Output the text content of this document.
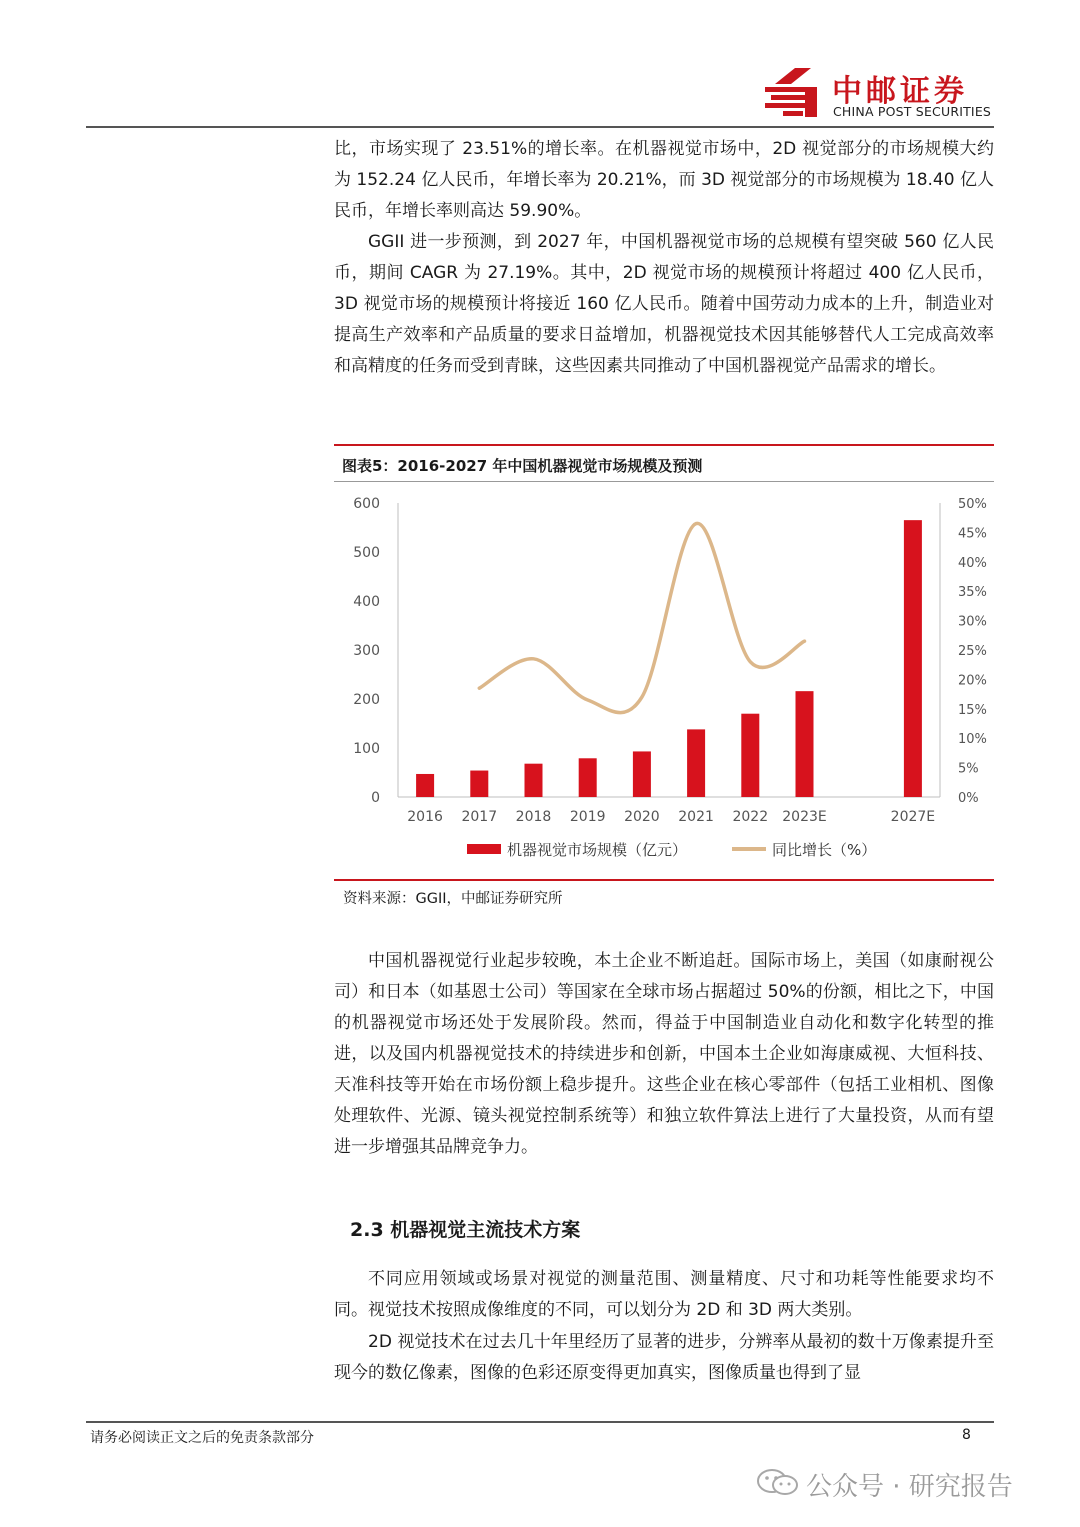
中邮证券
CHINA POST SECURITIES
比，市场实现了 23.51%的增长率。在机器视觉市场中，2D 视觉部分的市场规模大约为 152.24 亿人民币，年增长率为 20.21%，而 3D 视觉部分的市场规模为 18.40 亿人民币，年增长率则高达 59.90%。
GGII 进一步预测，到 2027 年，中国机器视觉市场的总规模有望突破 560 亿人民币，期间 CAGR 为 27.19%。其中，2D 视觉市场的规模预计将超过 400 亿人民币，3D 视觉市场的规模预计将接近 160 亿人民币。随着中国劳动力成本的上升，制造业对提高生产效率和产品质量的要求日益增加，机器视觉技术因其能够替代人工完成高效率和高精度的任务而受到青睐，这些因素共同推动了中国机器视觉产品需求的增长。
图表5：2016-2027 年中国机器视觉市场规模及预测
0
100
200
300
400
500
600
0%
5%
10%
15%
20%
25%
30%
35%
40%
45%
50%
2016 2017 2018 2019 2020 2021 2022 2023E	2027E
机器视觉市场规模（亿元）	同比增长（%）
资料来源：GGII，中邮证券研究所
中国机器视觉行业起步较晚，本土企业不断追赶。国际市场上，美国（如康耐视公司）和日本（如基恩士公司）等国家在全球市场占据超过 50%的份额，相比之下，中国的机器视觉市场还处于发展阶段。然而，得益于中国制造业自动化和数字化转型的推进，以及国内机器视觉技术的持续进步和创新，中国本土企业如海康威视、大恒科技、天准科技等开始在市场份额上稳步提升。这些企业在核心零部件（包括工业相机、图像处理软件、光源、镜头视觉控制系统等）和独立软件算法上进行了大量投资，从而有望进一步增强其品牌竞争力。
2.3 机器视觉主流技术方案
不同应用领域或场景对视觉的测量范围、测量精度、尺寸和功耗等性能要求均不同。视觉技术按照成像维度的不同，可以划分为 2D 和 3D 两大类别。
2D 视觉技术在过去几十年里经历了显著的进步，分辨率从最初的数十万像素提升至现今的数亿像素，图像的色彩还原变得更加真实，图像质量也得到了显
请务必阅读正文之后的免责条款部分	8
公众号 · 研究报告
